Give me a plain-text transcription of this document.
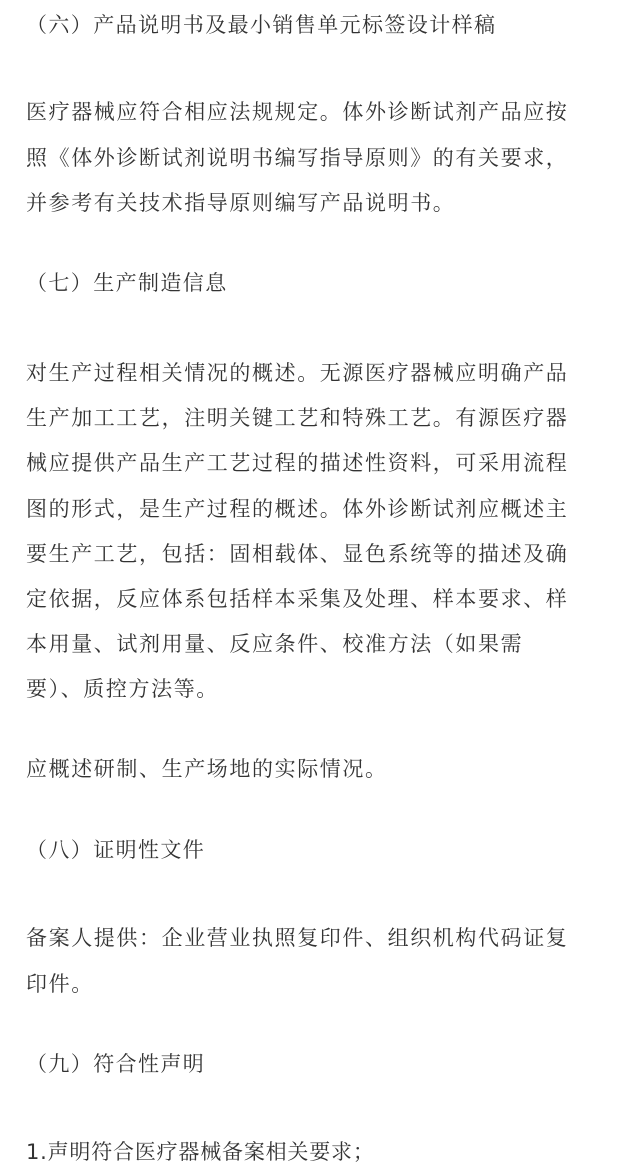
（六）产品说明书及最小销售单元标签设计样稿
医疗器械应符合相应法规规定。体外诊断试剂产品应按
照《体外诊断试剂说明书编写指导原则》的有关要求，
并参考有关技术指导原则编写产品说明书。
（七）生产制造信息
对生产过程相关情况的概述。无源医疗器械应明确产品
生产加工工艺，注明关键工艺和特殊工艺。有源医疗器
械应提供产品生产工艺过程的描述性资料，可采用流程
图的形式，是生产过程的概述。体外诊断试剂应概述主
要生产工艺，包括：固相载体、显色系统等的描述及确
定依据，反应体系包括样本采集及处理、样本要求、样
本用量、试剂用量、反应条件、校准方法（如果需
要）、质控方法等。
应概述研制、生产场地的实际情况。
（八）证明性文件
备案人提供：企业营业执照复印件、组织机构代码证复
印件。
（九）符合性声明
1.声明符合医疗器械备案相关要求；
